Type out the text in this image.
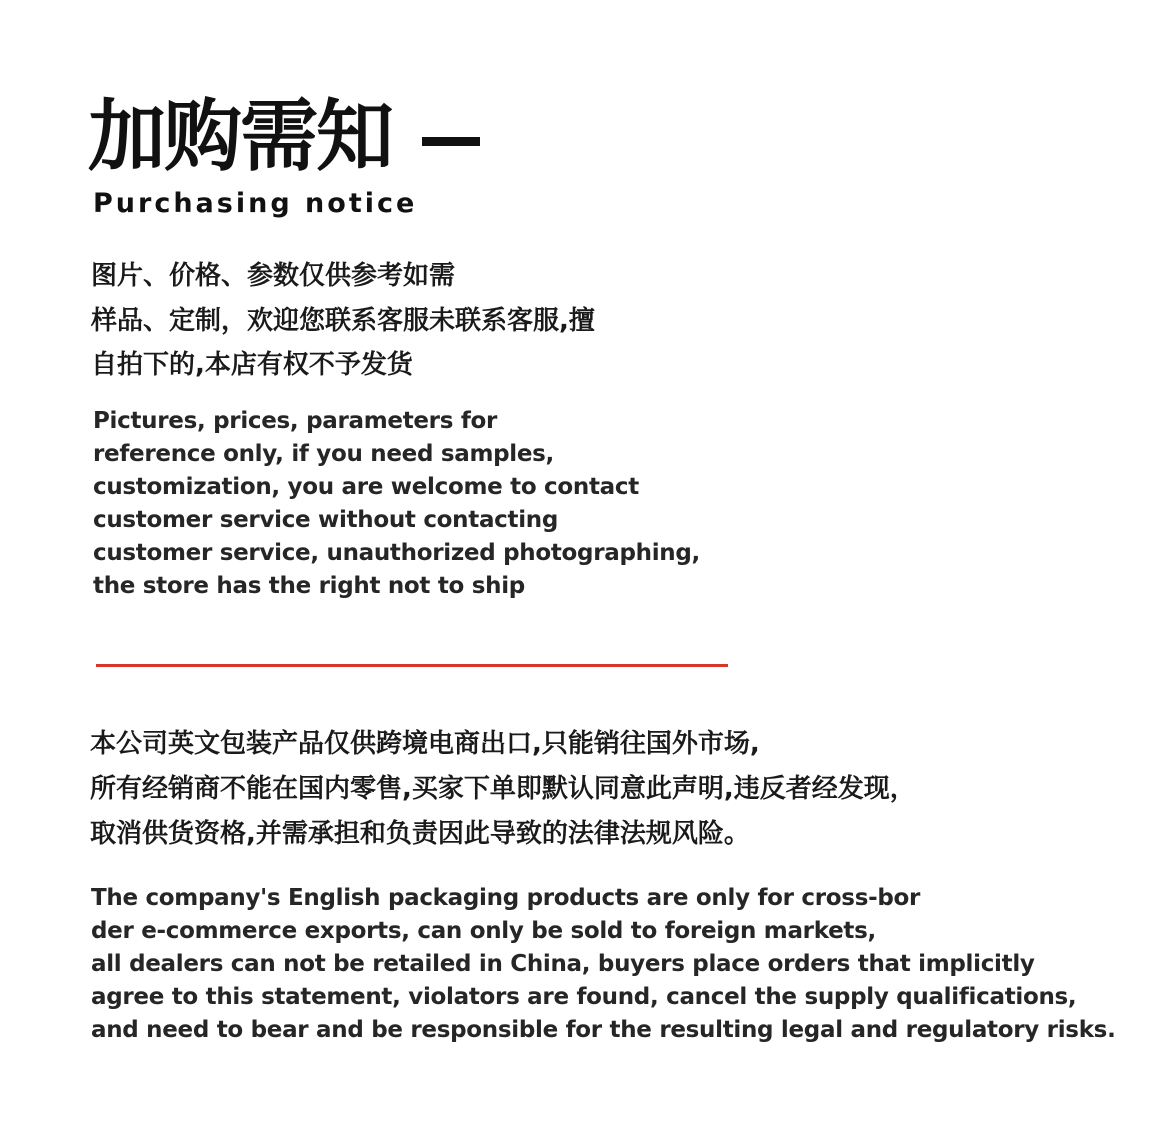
加购需知
Purchasing notice
图片、价格、参数仅供参考如需
样品、定制，欢迎您联系客服未联系客服,擅
自拍下的,本店有权不予发货
Pictures, prices, parameters for
reference only, if you need samples,
customization, you are welcome to contact
customer service without contacting
customer service, unauthorized photographing,
the store has the right not to ship
本公司英文包装产品仅供跨境电商出口,只能销往国外市场,
所有经销商不能在国内零售,买家下单即默认同意此声明,违反者经发现，
取消供货资格,并需承担和负责因此导致的法律法规风险。
The company's English packaging products are only for cross-bor
der e-commerce exports, can only be sold to foreign markets,
all dealers can not be retailed in China, buyers place orders that implicitly
agree to this statement, violators are found, cancel the supply qualifications,
and need to bear and be responsible for the resulting legal and regulatory risks.
